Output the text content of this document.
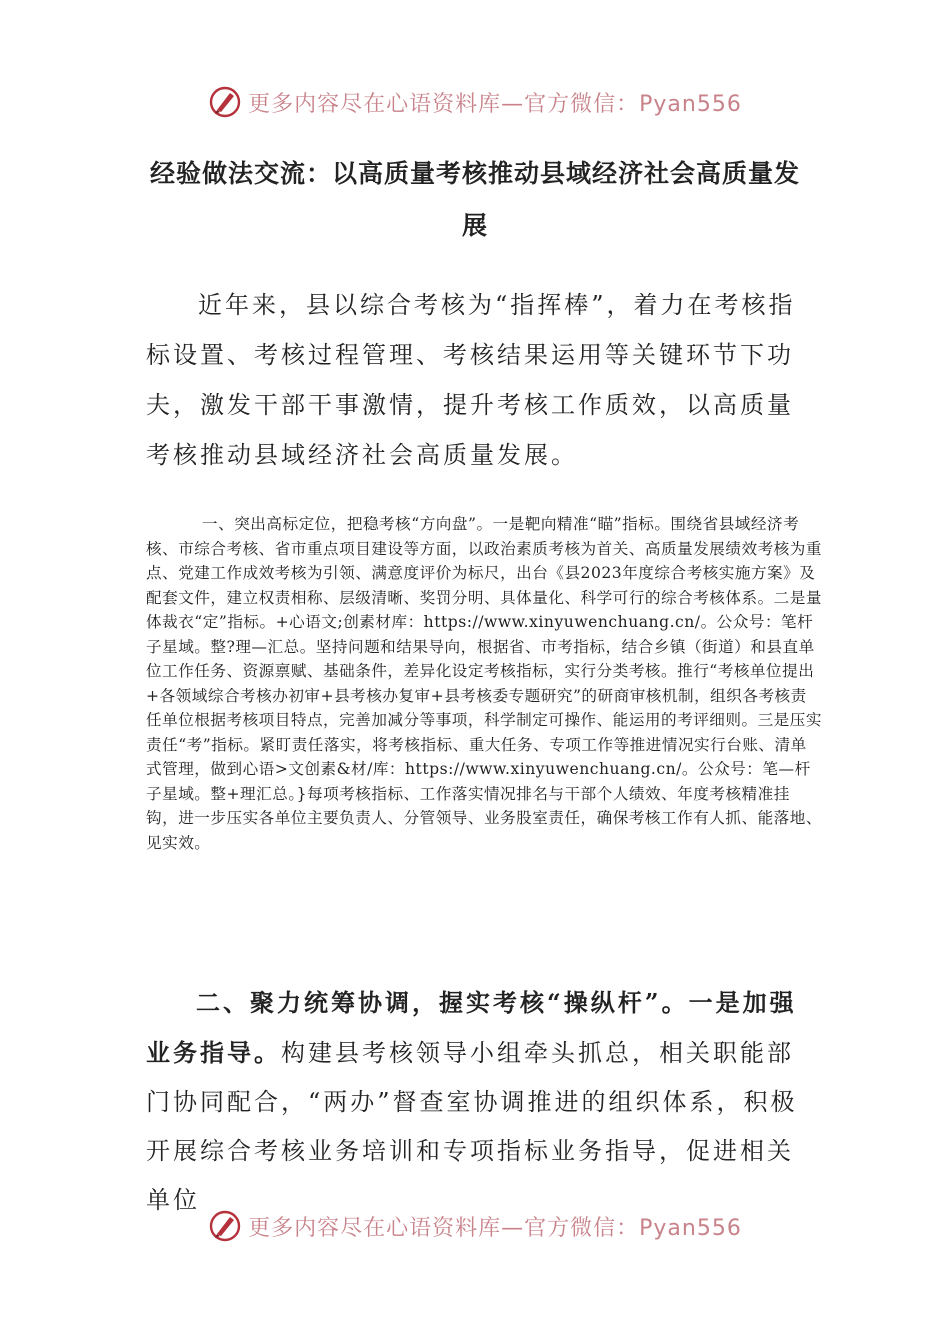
更多内容尽在心语资料库—官方微信：Pyan556
经验做法交流：以高质量考核推动县域经济社会高质量发展

近年来，县以综合考核为“指挥棒”，着力在考核指标设置、考核过程管理、考核结果运用等关键环节下功夫，激发干部干事激情，提升考核工作质效，以高质量考核推动县域经济社会高质量发展。

一、突出高标定位，把稳考核“方向盘”。一是靶向精准“瞄”指标。围绕省县域经济考核、市综合考核、省市重点项目建设等方面，以政治素质考核为首关、高质量发展绩效考核为重点、党建工作成效考核为引领、满意度评价为标尺，出台《县2023年度综合考核实施方案》及配套文件，建立权责相称、层级清晰、奖罚分明、具体量化、科学可行的综合考核体系。二是量体裁衣“定”指标。+心语文;创素材库：https://www.xinyuwenchuang.cn/。公众号：笔杆子星域。整?理—汇总。坚持问题和结果导向，根据省、市考指标，结合乡镇（街道）和县直单位工作任务、资源禀赋、基础条件，差异化设定考核指标，实行分类考核。推行“考核单位提出+各领域综合考核办初审+县考核办复审+县考核委专题研究”的研商审核机制，组织各考核责任单位根据考核项目特点，完善加减分等事项，科学制定可操作、能运用的考评细则。三是压实责任“考”指标。紧盯责任落实，将考核指标、重大任务、专项工作等推进情况实行台账、清单式管理，做到心语>文创素&材/库：https://www.xinyuwenchuang.cn/。公众号：笔—杆子星域。整+理汇总。}每项考核指标、工作落实情况排名与干部个人绩效、年度考核精准挂钩，进一步压实各单位主要负责人、分管领导、业务股室责任，确保考核工作有人抓、能落地、见实效。

二、聚力统筹协调，握实考核“操纵杆”。一是加强业务指导。构建县考核领导小组牵头抓总，相关职能部门协同配合，“两办”督查室协调推进的组织体系，积极开展综合考核业务培训和专项指标业务指导，促进相关单位

更多内容尽在心语资料库—官方微信：Pyan556
